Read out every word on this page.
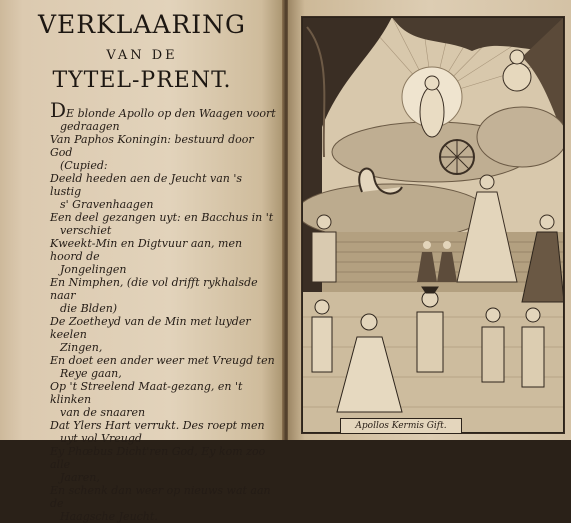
VERKLAARING
VAN DE
TYTEL-PRENT.
DE blonde Apollo op den Waagen voort
gedraagen
Van Paphos Koningin: bestuurd door God
(Cupied:
Deeld heeden aen de Jeucht van 's lustig
s' Gravenhaagen
Een deel gezangen uyt: en Bacchus in 't
verschiet
Kweekt-Min en Digtvuur aan, men hoord de
Jongelingen
En Nimphen, (die vol drifft rykhalsde naar
die Blden)
De Zoetheyd van de Min met luyder keelen
Zingen,
En doet een ander weer met Vreugd ten
Reye gaan,
Op 't Streelend Maat-gezang, en 't klinken
van de snaaren
Dat Ylers Hart verrukt. Des roept men
uyt vol Vreugd
Ey Phœbus Dicht'ren God, Ey kom zoo alle
Jaaren,
En schenk dan weer op nieuws wat aan de
Haagsche Jeucht.
Apollos Kermis Gift.
